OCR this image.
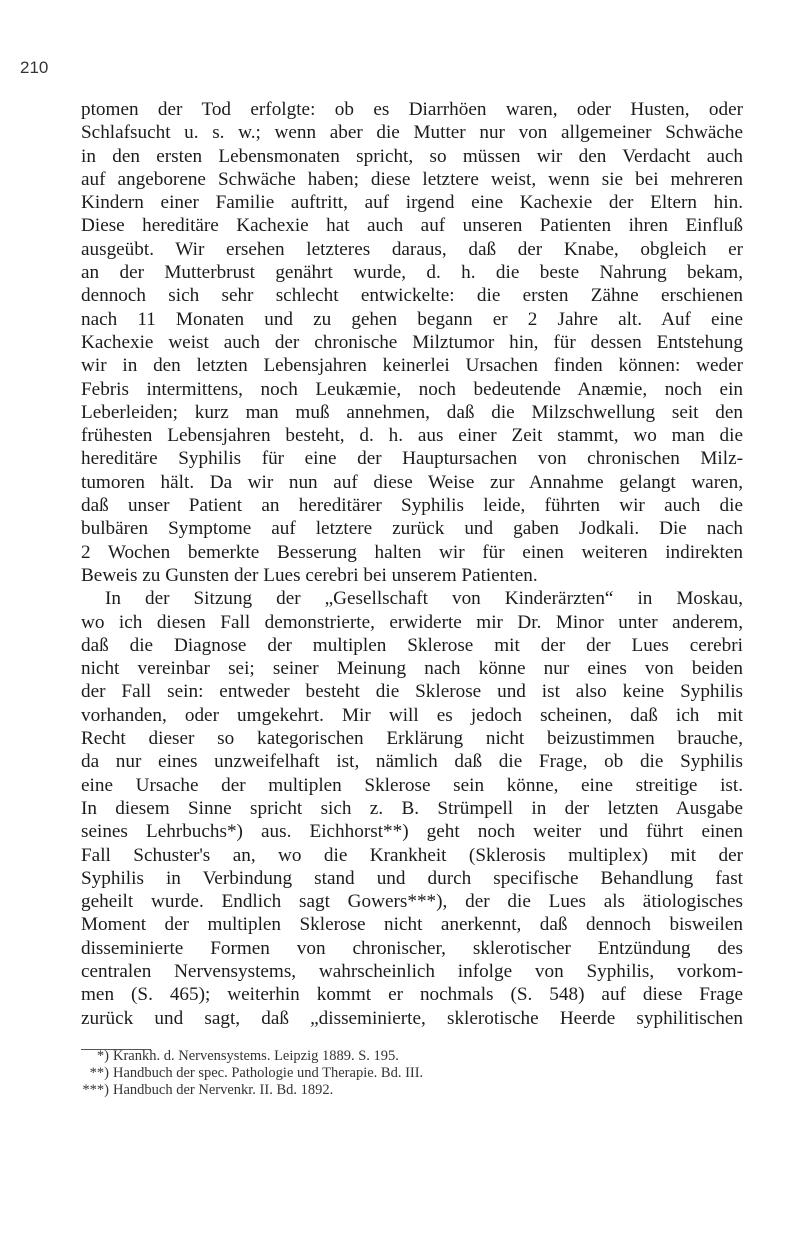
210
ptomen der Tod erfolgte: ob es Diarrhöen waren, oder Husten, oder
Schlafsucht u. s. w.; wenn aber die Mutter nur von allgemeiner Schwäche
in den ersten Lebensmonaten spricht, so müssen wir den Verdacht auch
auf angeborene Schwäche haben; diese letztere weist, wenn sie bei mehreren
Kindern einer Familie auftritt, auf irgend eine Kachexie der Eltern hin.
Diese hereditäre Kachexie hat auch auf unseren Patienten ihren Einfluß
ausgeübt. Wir ersehen letzteres daraus, daß der Knabe, obgleich er
an der Mutterbrust genährt wurde, d. h. die beste Nahrung bekam,
dennoch sich sehr schlecht entwickelte: die ersten Zähne erschienen
nach 11 Monaten und zu gehen begann er 2 Jahre alt. Auf eine
Kachexie weist auch der chronische Milztumor hin, für dessen Entstehung
wir in den letzten Lebensjahren keinerlei Ursachen finden können: weder
Febris intermittens, noch Leukæmie, noch bedeutende Anæmie, noch ein
Leberleiden; kurz man muß annehmen, daß die Milzschwellung seit den
frühesten Lebensjahren besteht, d. h. aus einer Zeit stammt, wo man die
hereditäre Syphilis für eine der Hauptursachen von chronischen Milz-
tumoren hält. Da wir nun auf diese Weise zur Annahme gelangt waren,
daß unser Patient an hereditärer Syphilis leide, führten wir auch die
bulbären Symptome auf letztere zurück und gaben Jodkali. Die nach
2 Wochen bemerkte Besserung halten wir für einen weiteren indirekten
Beweis zu Gunsten der Lues cerebri bei unserem Patienten.
In der Sitzung der „Gesellschaft von Kinderärzten“ in Moskau,
wo ich diesen Fall demonstrierte, erwiderte mir Dr. Minor unter anderem,
daß die Diagnose der multiplen Sklerose mit der der Lues cerebri
nicht vereinbar sei; seiner Meinung nach könne nur eines von beiden
der Fall sein: entweder besteht die Sklerose und ist also keine Syphilis
vorhanden, oder umgekehrt. Mir will es jedoch scheinen, daß ich mit
Recht dieser so kategorischen Erklärung nicht beizustimmen brauche,
da nur eines unzweifelhaft ist, nämlich daß die Frage, ob die Syphilis
eine Ursache der multiplen Sklerose sein könne, eine streitige ist.
In diesem Sinne spricht sich z. B. Strümpell in der letzten Ausgabe
seines Lehrbuchs*) aus. Eichhorst**) geht noch weiter und führt einen
Fall Schuster's an, wo die Krankheit (Sklerosis multiplex) mit der
Syphilis in Verbindung stand und durch specifische Behandlung fast
geheilt wurde. Endlich sagt Gowers***), der die Lues als ätiologisches
Moment der multiplen Sklerose nicht anerkennt, daß dennoch bisweilen
disseminierte Formen von chronischer, sklerotischer Entzündung des
centralen Nervensystems, wahrscheinlich infolge von Syphilis, vorkom-
men (S. 465); weiterhin kommt er nochmals (S. 548) auf diese Frage
zurück und sagt, daß „disseminierte, sklerotische Heerde syphilitischen
*) Krankh. d. Nervensystems. Leipzig 1889. S. 195.
**) Handbuch der spec. Pathologie und Therapie. Bd. III.
***) Handbuch der Nervenkr. II. Bd. 1892.
